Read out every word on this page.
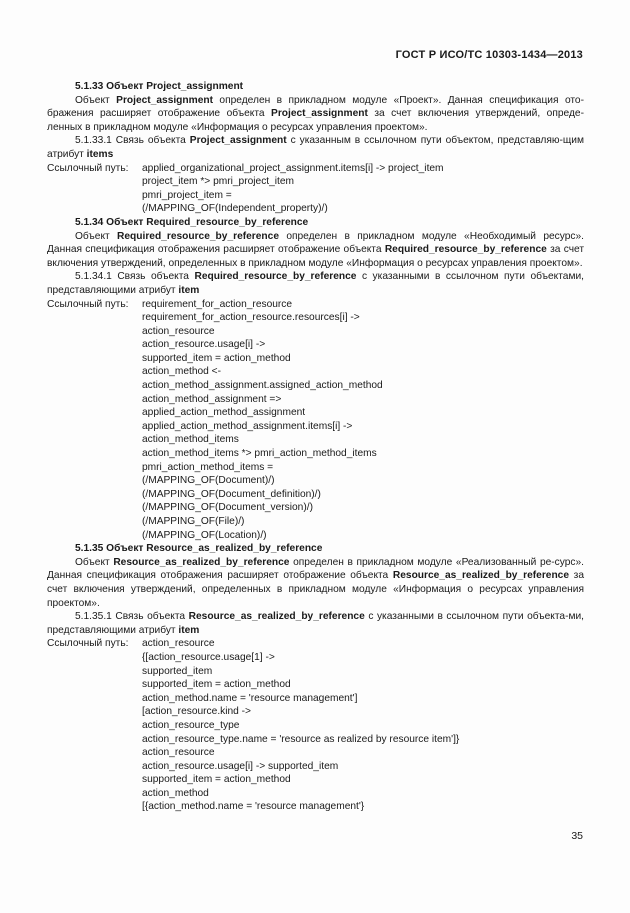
ГОСТ Р ИСО/ТС 10303-1434—2013

5.1.33 Объект Project_assignment

Объект Project_assignment определен в прикладном модуле «Проект». Данная спецификация ото-бражения расширяет отображение объекта Project_assignment за счет включения утверждений, опреде-ленных в прикладном модуле «Информация о ресурсах управления проектом».

5.1.33.1 Связь объекта Project_assignment с указанным в ссылочном пути объектом, представляю-щим атрибут items

Ссылочный путь:	applied_organizational_project_assignment.items[i] -> project_item
project_item *> pmri_project_item
pmri_project_item =
(/MAPPING_OF(Independent_property)/)

5.1.34 Объект Required_resource_by_reference

Объект Required_resource_by_reference определен в прикладном модуле «Необходимый ресурс». Данная спецификация отображения расширяет отображение объекта Required_resource_by_reference за счет включения утверждений, определенных в прикладном модуле «Информация о ресурсах управления проектом».

5.1.34.1 Связь объекта Required_resource_by_reference с указанными в ссылочном пути объектами, представляющими атрибут item

Ссылочный путь:	requirement_for_action_resource
requirement_for_action_resource.resources[i] ->
action_resource
action_resource.usage[i] ->
supported_item = action_method
action_method <-
action_method_assignment.assigned_action_method
action_method_assignment =>
applied_action_method_assignment
applied_action_method_assignment.items[i] ->
action_method_items
action_method_items *> pmri_action_method_items
pmri_action_method_items =
(/MAPPING_OF(Document)/)
(/MAPPING_OF(Document_definition)/)
(/MAPPING_OF(Document_version)/)
(/MAPPING_OF(File)/)
(/MAPPING_OF(Location)/)

5.1.35 Объект Resource_as_realized_by_reference

Объект Resource_as_realized_by_reference определен в прикладном модуле «Реализованный ре-сурс». Данная спецификация отображения расширяет отображение объекта Resource_as_realized_by_reference за счет включения утверждений, определенных в прикладном модуле «Информация о ресурсах управления проектом».

5.1.35.1 Связь объекта Resource_as_realized_by_reference с указанными в ссылочном пути объекта-ми, представляющими атрибут item

Ссылочный путь:	action_resource
{[action_resource.usage[1] ->
supported_item
supported_item = action_method
action_method.name = 'resource management']
[action_resource.kind ->
action_resource_type
action_resource_type.name = 'resource as realized by resource item']}
action_resource
action_resource.usage[i] -> supported_item
supported_item = action_method
action_method
[{action_method.name = 'resource management'}
35
